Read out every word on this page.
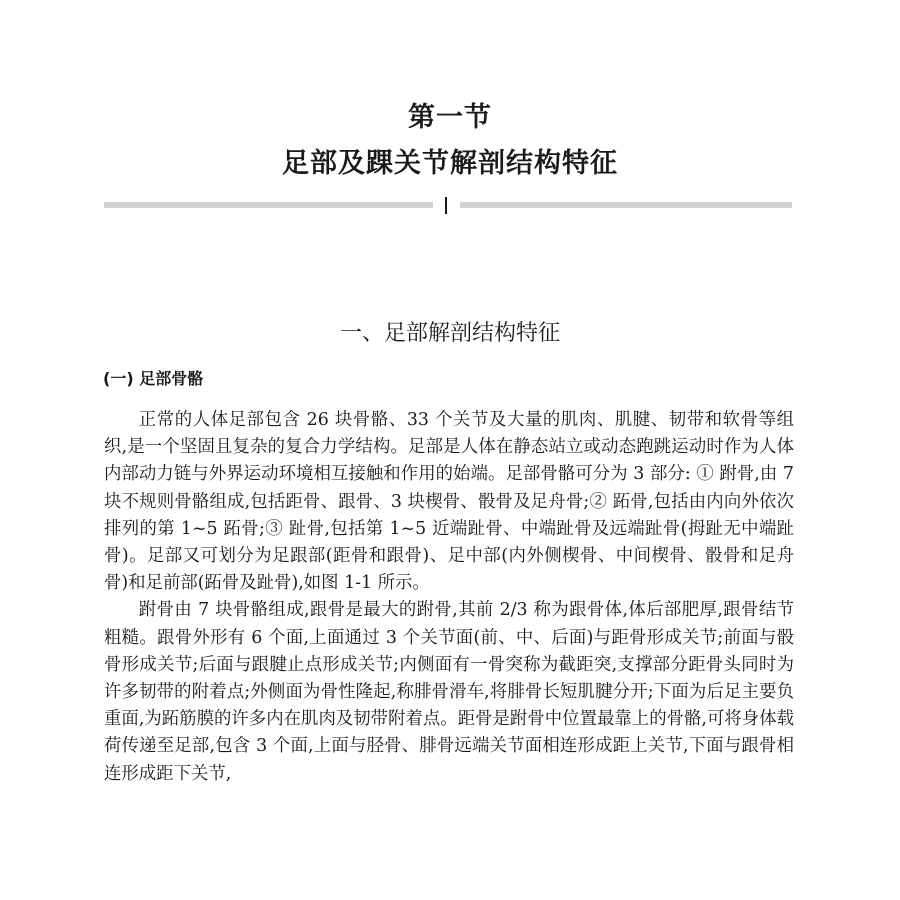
第一节
足部及踝关节解剖结构特征
一、足部解剖结构特征
(一) 足部骨骼

正常的人体足部包含 26 块骨骼、33 个关节及大量的肌肉、肌腱、韧带和软骨等组织,是一个坚固且复杂的复合力学结构。足部是人体在静态站立或动态跑跳运动时作为人体内部动力链与外界运动环境相互接触和作用的始端。足部骨骼可分为 3 部分: ① 跗骨,由 7 块不规则骨骼组成,包括距骨、跟骨、3 块楔骨、骰骨及足舟骨;② 跖骨,包括由内向外依次排列的第 1~5 跖骨;③ 趾骨,包括第 1~5 近端趾骨、中端趾骨及远端趾骨(拇趾无中端趾骨)。足部又可划分为足跟部(距骨和跟骨)、足中部(内外侧楔骨、中间楔骨、骰骨和足舟骨)和足前部(跖骨及趾骨),如图 1-1 所示。

跗骨由 7 块骨骼组成,跟骨是最大的跗骨,其前 2/3 称为跟骨体,体后部肥厚,跟骨结节粗糙。跟骨外形有 6 个面,上面通过 3 个关节面(前、中、后面)与距骨形成关节;前面与骰骨形成关节;后面与跟腱止点形成关节;内侧面有一骨突称为截距突,支撑部分距骨头同时为许多韧带的附着点;外侧面为骨性隆起,称腓骨滑车,将腓骨长短肌腱分开;下面为后足主要负重面,为跖筋膜的许多内在肌肉及韧带附着点。距骨是跗骨中位置最靠上的骨骼,可将身体载荷传递至足部,包含 3 个面,上面与胫骨、腓骨远端关节面相连形成距上关节,下面与跟骨相连形成距下关节,
